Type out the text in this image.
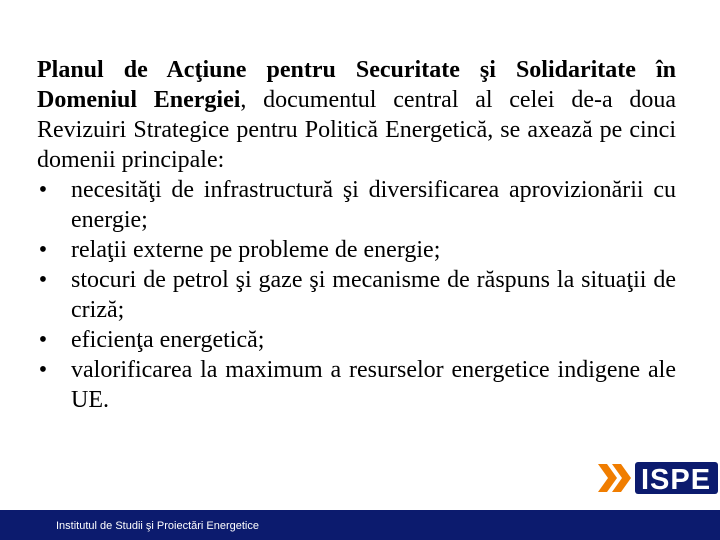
Planul de Acţiune pentru Securitate şi Solidaritate în Domeniul Energiei, documentul central al celei de-a doua Revizuiri Strategice pentru Politică Energetică, se axează pe cinci domenii principale:

• necesităţi de infrastructură şi diversificarea aprovizionării cu energie;
• relaţii externe pe probleme de energie;
• stocuri de petrol şi gaze şi mecanisme de răspuns la situaţii de criză;
• eficienţa energetică;
• valorificarea la maximum a resurselor energetice indigene ale UE.
ISPE
Institutul de Studii şi Proiectări Energetice
